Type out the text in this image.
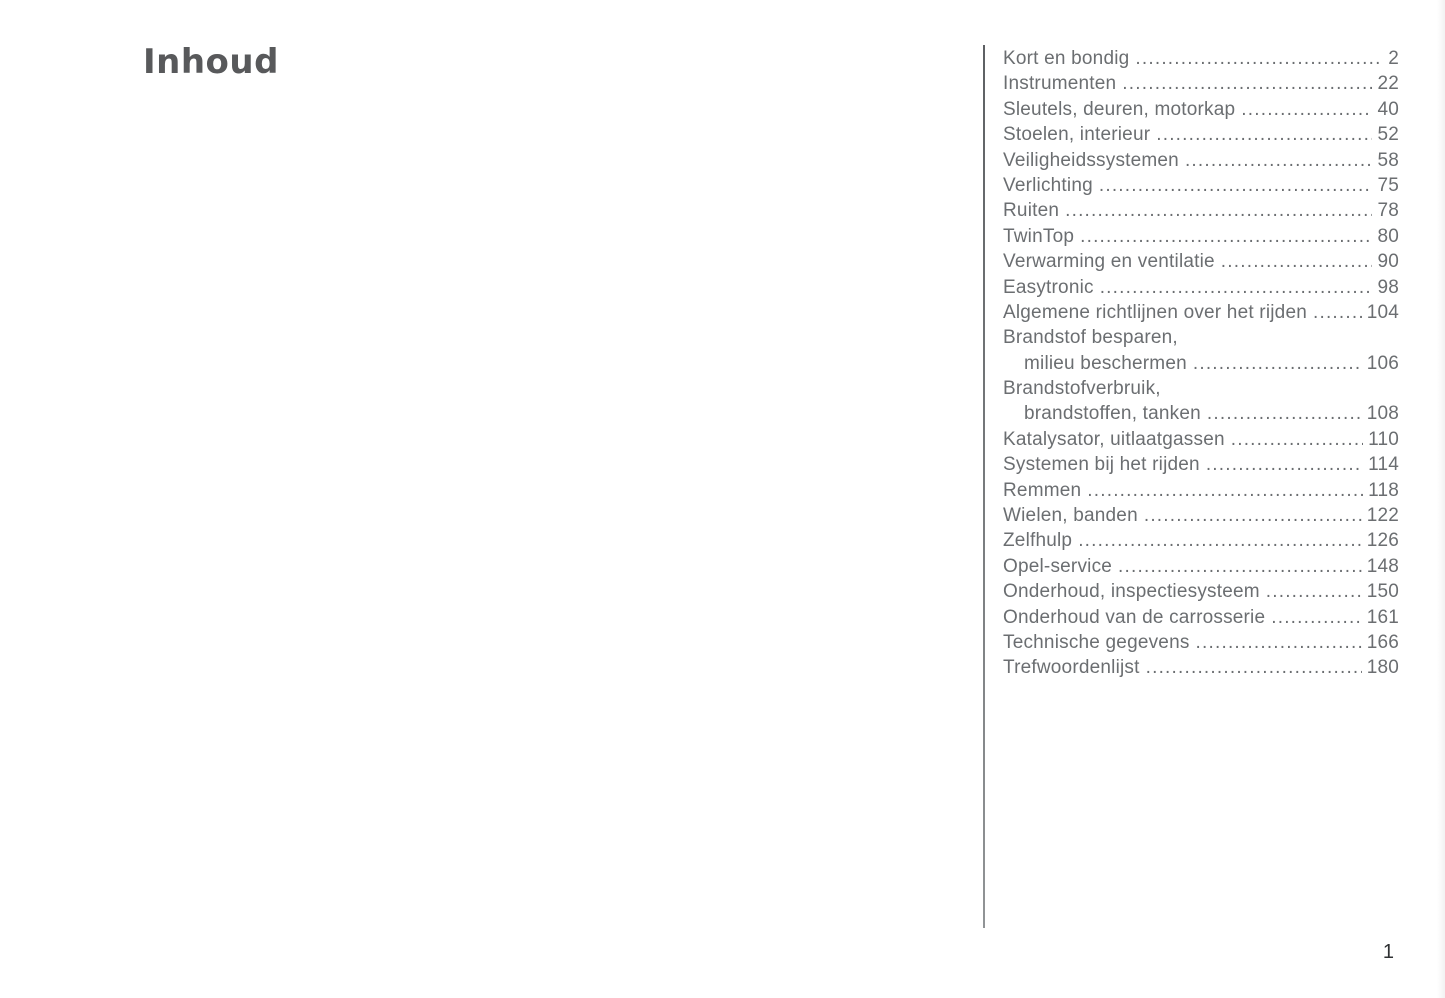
Inhoud	Kort en bondig .....	2
Instrumenten .....	22
Sleutels, deuren, motorkap .....	40
Stoelen, interieur .....	52
Veiligheidssystemen .....	58
Verlichting .....	75
Ruiten .....	78
TwinTop .....	80
Verwarming en ventilatie .....	90
Easytronic .....	98
Algemene richtlijnen over het rijden .....	104
Brandstof besparen,
milieu beschermen .....	106
Brandstofverbruik,
brandstoffen, tanken .....	108
Katalysator, uitlaatgassen .....	110
Systemen bij het rijden .....	114
Remmen .....	118
Wielen, banden .....	122
Zelfhulp .....	126
Opel-service .....	148
Onderhoud, inspectiesysteem .....	150
Onderhoud van de carrosserie .....	161
Technische gegevens .....	166
Trefwoordenlijst .....	180
1
